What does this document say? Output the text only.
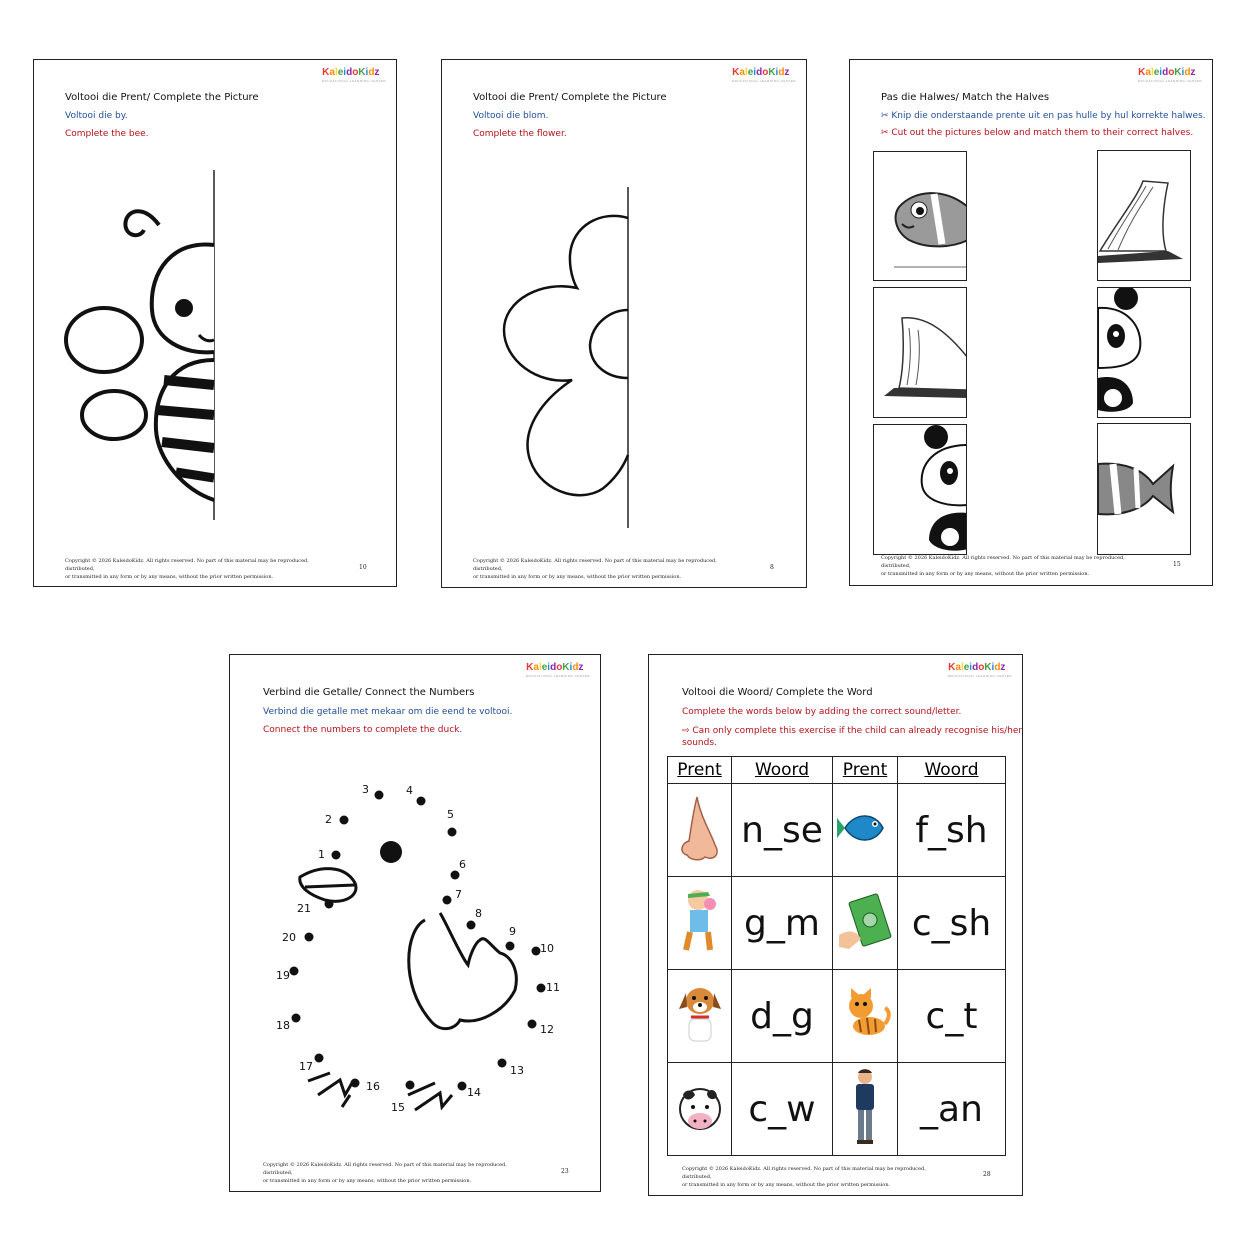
KaleidoKidz
EDUCATIONAL LEARNING CENTER
Voltooi die Prent/ Complete the Picture
Voltooi die by.
Complete the bee.
Copyright © 2026 KaleidoKidz. All rights reserved. No part of this material may be reproduced, distributed,
or transmitted in any form or by any means, without the prior written permission.
10
KaleidoKidz
EDUCATIONAL LEARNING CENTER
Voltooi die Prent/ Complete the Picture
Voltooi die blom.
Complete the flower.
Copyright © 2026 KaleidoKidz. All rights reserved. No part of this material may be reproduced, distributed,
or transmitted in any form or by any means, without the prior written permission.
8
KaleidoKidz
EDUCATIONAL LEARNING CENTER
Pas die Halwes/ Match the Halves
✂ Knip die onderstaande prente uit en pas hulle by hul korrekte halwes.
✂ Cut out the pictures below and match them to their correct halves.
Copyright © 2026 KaleidoKidz. All rights reserved. No part of this material may be reproduced, distributed,
or transmitted in any form or by any means, without the prior written permission.
15
KaleidoKidz
EDUCATIONAL LEARNING CENTER
Verbind die Getalle/ Connect the Numbers
Verbind die getalle met mekaar om die eend te voltooi.
Connect the numbers to complete the duck.
1
2
3	4
5
6
7
8
9
10
11
12
13
14
15
16
17
18
19
20
21
Copyright © 2026 KaleidoKidz. All rights reserved. No part of this material may be reproduced, distributed,
or transmitted in any form or by any means, without the prior written permission.
23
KaleidoKidz
EDUCATIONAL LEARNING CENTER
Voltooi die Woord/ Complete the Word
Complete the words below by adding the correct sound/letter.
⇨ Can only complete this exercise if the child can already recognise his/her
sounds.
Prent	Woord	Prent	Woord
	n_se		f_sh
	g_m		c_sh
	d_g		c_t
	c_w		_an
Copyright © 2026 KaleidoKidz. All rights reserved. No part of this material may be reproduced, distributed,
or transmitted in any form or by any means, without the prior written permission.
28
